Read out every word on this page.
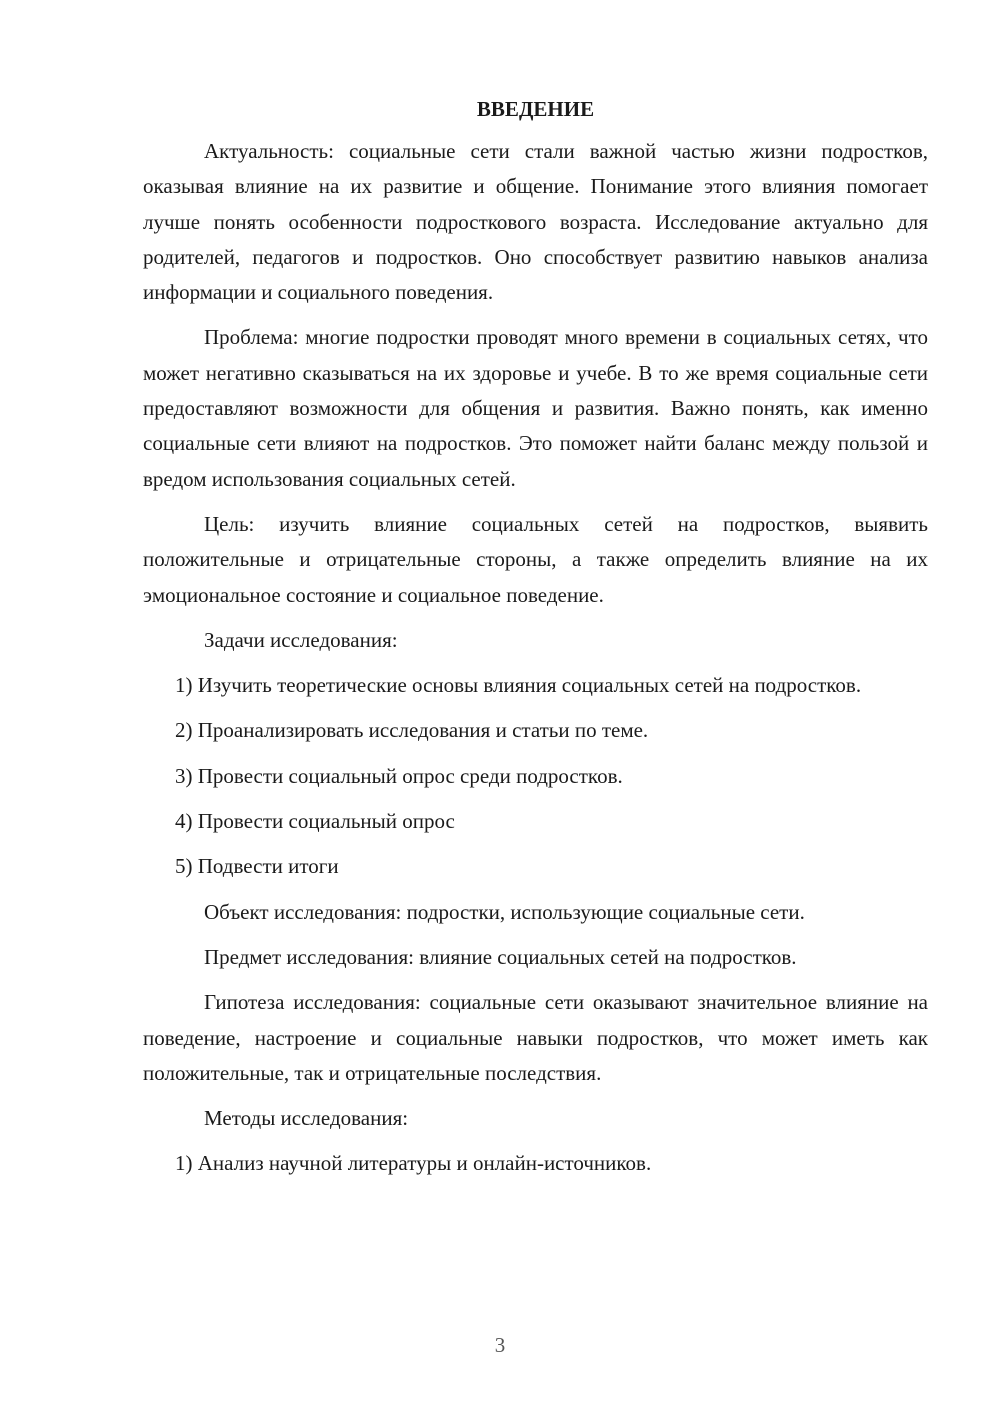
ВВЕДЕНИЕ

Актуальность: социальные сети стали важной частью жизни подростков, оказывая влияние на их развитие и общение. Понимание этого влияния помогает лучше понять особенности подросткового возраста. Исследование актуально для родителей, педагогов и подростков. Оно способствует развитию навыков анализа информации и социального поведения.

Проблема: многие подростки проводят много времени в социальных сетях, что может негативно сказываться на их здоровье и учебе. В то же время социальные сети предоставляют возможности для общения и развития. Важно понять, как именно социальные сети влияют на подростков. Это поможет найти баланс между пользой и вредом использования социальных сетей.

Цель: изучить влияние социальных сетей на подростков, выявить положительные и отрицательные стороны, а также определить влияние на их эмоциональное состояние и социальное поведение.

Задачи исследования:

1) Изучить теоретические основы влияния социальных сетей на подростков.

2) Проанализировать исследования и статьи по теме.

3) Провести социальный опрос среди подростков.

4) Провести социальный опрос

5) Подвести итоги

Объект исследования: подростки, использующие социальные сети.

Предмет исследования: влияние социальных сетей на подростков.

Гипотеза исследования: социальные сети оказывают значительное влияние на поведение, настроение и социальные навыки подростков, что может иметь как положительные, так и отрицательные последствия.

Методы исследования:

1) Анализ научной литературы и онлайн-источников.

3
